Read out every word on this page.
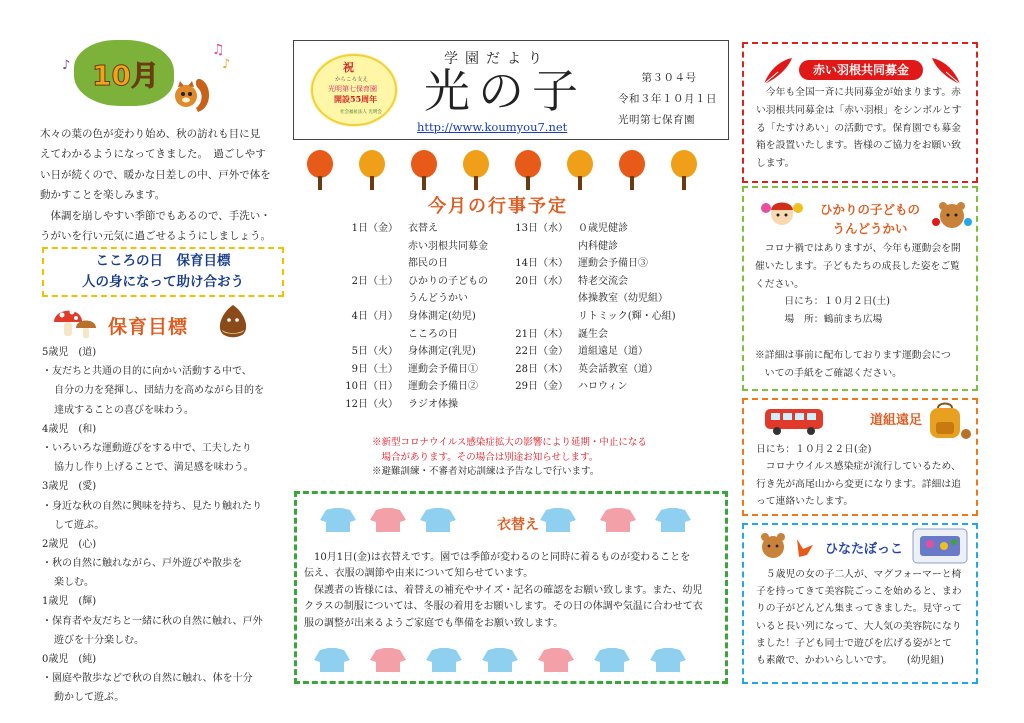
10月
♫
♪
♪

木々の葉の色が変わり始め、秋の訪れも目に見

えてわかるようになってきました。　過ごしやす

い日が続くので、暖かな日差しの中、戸外で体を

動かすことを楽しみます。

　体調を崩しやすい季節でもあるので、手洗い・

うがいを行い元気に過ごせるようにしましょう。

こころの日　保育目標

人の身になって助け合おう

保育目標

5歳児　(道)

・友だちと共通の目的に向かい活動する中で、

自分の力を発揮し、団結力を高めながら目的を

達成することの喜びを味わう。

4歳児　(和)

・いろいろな運動遊びをする中で、工夫したり

協力し作り上げることで、満足感を味わう。

3歳児　(愛)

・身近な秋の自然に興味を持ち、見たり触れたり

して遊ぶ。

2歳児　(心)

・秋の自然に触れながら、戸外遊びや散歩を

楽しむ。

1歳児　(輝)

・保育者や友だちと一緒に秋の自然に触れ、戸外

遊びを十分楽しむ。

0歳児　(純)

・園庭や散歩などで秋の自然に触れ、体を十分

動かして遊ぶ。

祝
からころ支え
光明第七保育園
開設55周年
社会福祉法人 光明会
学園だより
光の子
http://www.koumyou7.net

第３０４号

令和３年１０月１日

光明第七保育園

今月の行事予定
1日（金）	衣替え
赤い羽根共同募金
都民の日
2日（土）	ひかりの子どもの
うんどうかい
4日（月）	身体測定(幼児)
こころの日
5日（火）	身体測定(乳児)
9日（土）	運動会予備日①
10日（日）	運動会予備日②
12日（火）	ラジオ体操
13日（水）	０歳児健診
内科健診
14日（木）	運動会予備日③
20日（水）	特老交流会
体操教室（幼児組）
リトミック(輝・心組)
21日（木）	誕生会
22日（金）	道組遠足（道）
28日（木）	英会話教室（道）
29日（金）	ハロウィン

※新型コロナウイルス感染症拡大の影響により延期・中止になる

　場合があります。その場合は別途お知らせします。

※避難訓練・不審者対応訓練は予告なしで行います。

衣替え

　10月1日(金)は衣替えです。園では季節が変わるのと同時に着るものが変わることを

伝え、衣服の調節や由来について知らせています。

　保護者の皆様には、着替えの補充やサイズ・記名の確認をお願い致します。また、幼児

クラスの制服については、冬服の着用をお願いします。その日の体調や気温に合わせて衣

服の調整が出来るようご家庭でも準備をお願い致します。

赤い羽根共同募金

　今年も全国一斉に共同募金が始まります。赤

い羽根共同募金は「赤い羽根」をシンボルとす

る「たすけあい」の活動です。保育園でも募金

箱を設置いたします。皆様のご協力をお願い致

します。

ひかりの子どもの

うんどうかい

　コロナ禍ではありますが、今年も運動会を開

催いたします。子どもたちの成長した姿をご覧

ください。

　　　日にち：１０月２日(土)

　　　場　所：鶴前まち広場

※詳細は事前に配布しております運動会につ

　いての手紙をご確認ください。

道組遠足

日にち：１０月２２日(金)

　コロナウイルス感染症が流行しているため、

行き先が高尾山から変更になります。詳細は追

って連絡いたします。

ひなたぼっこ

　５歳児の女の子二人が、マグフォーマーと椅

子を持ってきて美容院ごっこを始めると、まわ

りの子がどんどん集まってきました。見守って

いると長い列になって、大人気の美容院になり

ました！子ども同士で遊びを広げる姿がとて

も素敵で、かわいらしいです。　　(幼児組)
